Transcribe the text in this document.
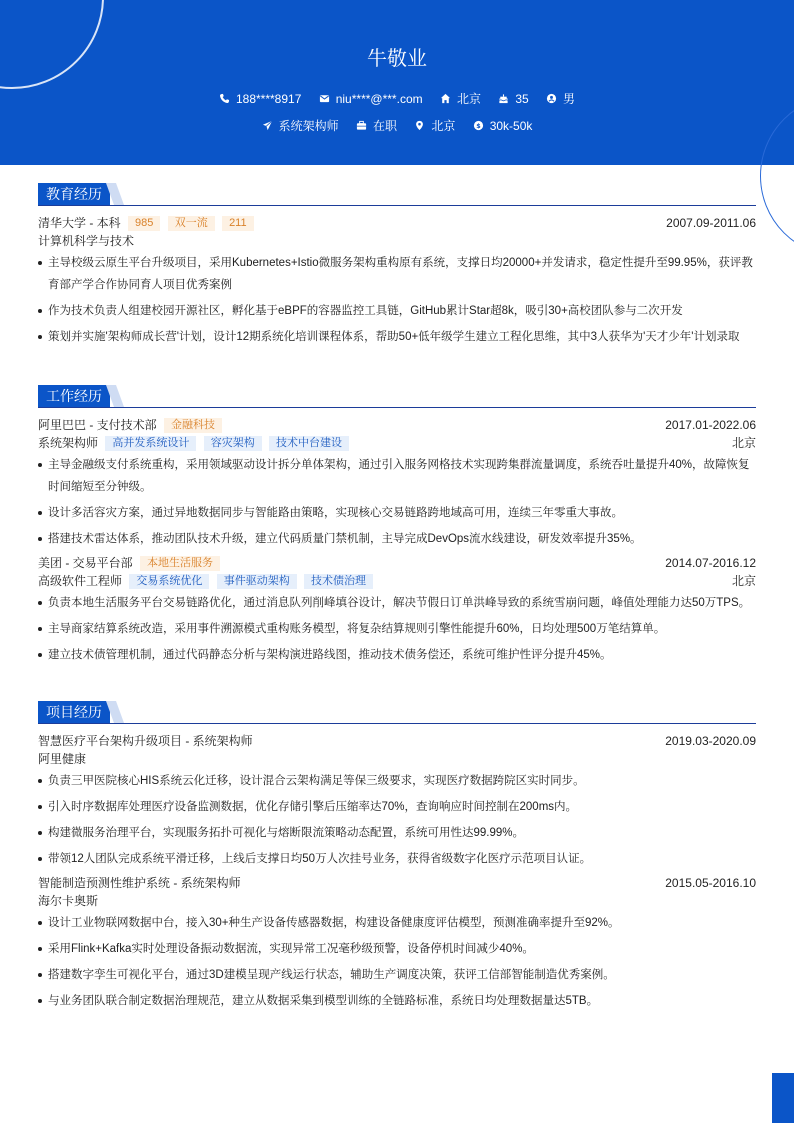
牛敬业
188****8917	niu****@***.com	北京	35	男
系统架构师	在职	北京	$ 30k-50k
教育经历
清华大学 - 本科 985 双一流 211	2007.09-2011.06
计算机科学与技术
主导校级云原生平台升级项目，采用Kubernetes+Istio微服务架构重构原有系统，支撑日均20000+并发请求，稳定性提升至99.95%，获评教育部产学合作协同育人项目优秀案例
作为技术负责人组建校园开源社区，孵化基于eBPF的容器监控工具链，GitHub累计Star超8k，吸引30+高校团队参与二次开发
策划并实施'架构师成长营'计划，设计12期系统化培训课程体系，帮助50+低年级学生建立工程化思维，其中3人获华为'天才少年'计划录取
工作经历
阿里巴巴 - 支付技术部 金融科技	2017.01-2022.06
系统架构师 高并发系统设计 容灾架构 技术中台建设	北京
主导金融级支付系统重构，采用领域驱动设计拆分单体架构，通过引入服务网格技术实现跨集群流量调度，系统吞吐量提升40%，故障恢复时间缩短至分钟级。
设计多活容灾方案，通过异地数据同步与智能路由策略，实现核心交易链路跨地域高可用，连续三年零重大事故。
搭建技术雷达体系，推动团队技术升级，建立代码质量门禁机制，主导完成DevOps流水线建设，研发效率提升35%。
美团 - 交易平台部 本地生活服务	2014.07-2016.12
高级软件工程师 交易系统优化 事件驱动架构 技术债治理	北京
负责本地生活服务平台交易链路优化，通过消息队列削峰填谷设计，解决节假日订单洪峰导致的系统雪崩问题，峰值处理能力达50万TPS。
主导商家结算系统改造，采用事件溯源模式重构账务模型，将复杂结算规则引擎性能提升60%，日均处理500万笔结算单。
建立技术债管理机制，通过代码静态分析与架构演进路线图，推动技术债务偿还，系统可维护性评分提升45%。
项目经历
智慧医疗平台架构升级项目 - 系统架构师	2019.03-2020.09
阿里健康
负责三甲医院核心HIS系统云化迁移，设计混合云架构满足等保三级要求，实现医疗数据跨院区实时同步。
引入时序数据库处理医疗设备监测数据，优化存储引擎后压缩率达70%，查询响应时间控制在200ms内。
构建微服务治理平台，实现服务拓扑可视化与熔断限流策略动态配置，系统可用性达99.99%。
带领12人团队完成系统平滑迁移，上线后支撑日均50万人次挂号业务，获得省级数字化医疗示范项目认证。
智能制造预测性维护系统 - 系统架构师	2015.05-2016.10
海尔卡奥斯
设计工业物联网数据中台，接入30+种生产设备传感器数据，构建设备健康度评估模型，预测准确率提升至92%。
采用Flink+Kafka实时处理设备振动数据流，实现异常工况毫秒级预警，设备停机时间减少40%。
搭建数字孪生可视化平台，通过3D建模呈现产线运行状态，辅助生产调度决策，获评工信部智能制造优秀案例。
与业务团队联合制定数据治理规范，建立从数据采集到模型训练的全链路标准，系统日均处理数据量达5TB。
